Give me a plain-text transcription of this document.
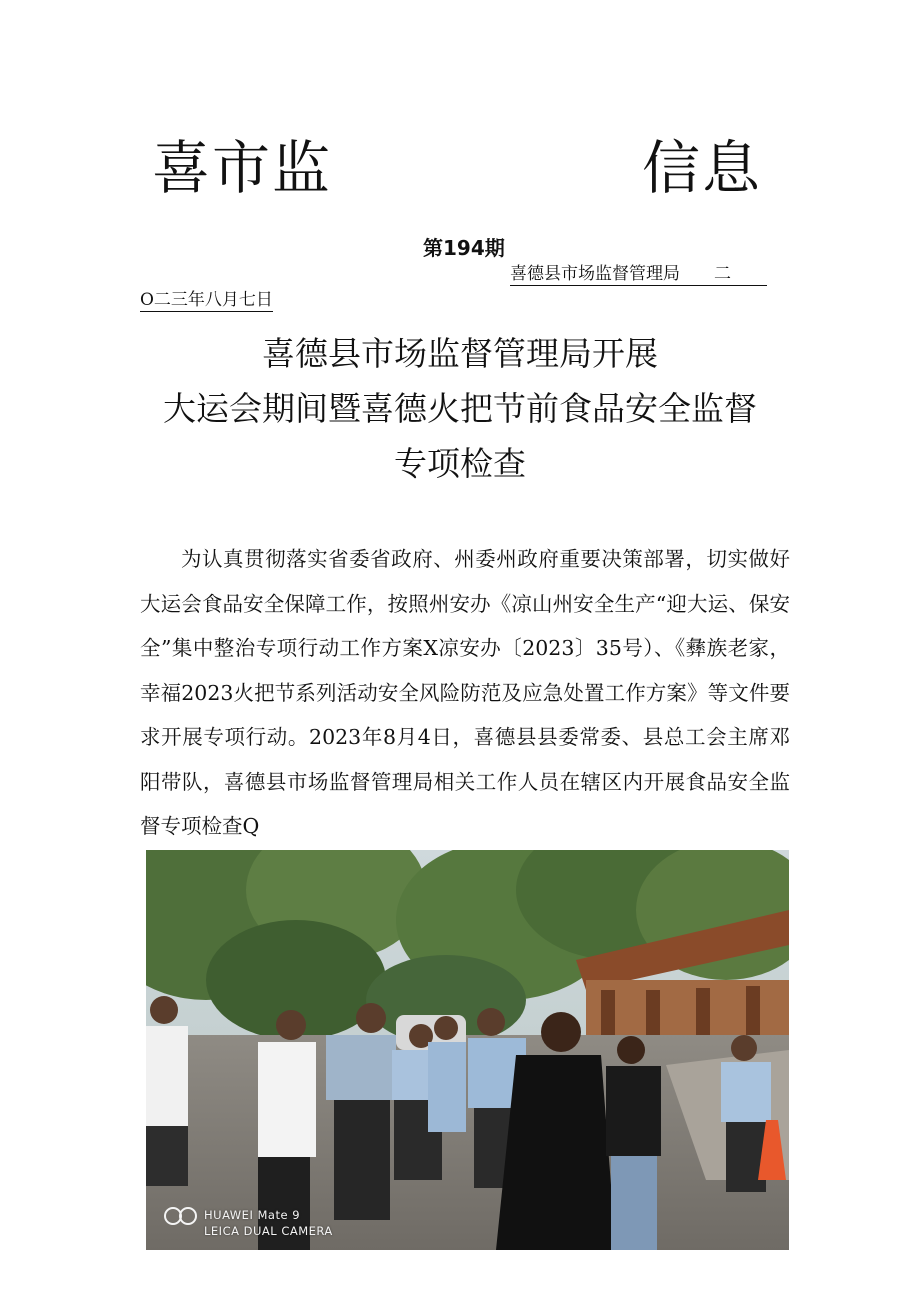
喜市监	信息
第194期
喜德县市场监督管理局　　二
O二三年八月七日
喜德县市场监督管理局开展
大运会期间暨喜德火把节前食品安全监督
专项检查

为认真贯彻落实省委省政府、州委州政府重要决策部署，切实做好大运会食品安全保障工作，按照州安办《凉山州安全生产“迎大运、保安全”集中整治专项行动工作方案X凉安办〔2023〕35号）、《彝族老家，幸福2023火把节系列活动安全风险防范及应急处置工作方案》等文件要求开展专项行动。2023年8月4日，喜德县县委常委、县总工会主席邓阳带队，喜德县市场监督管理局相关工作人员在辖区内开展食品安全监督专项检查Q

HUAWEI Mate 9
LEICA DUAL CAMERA
